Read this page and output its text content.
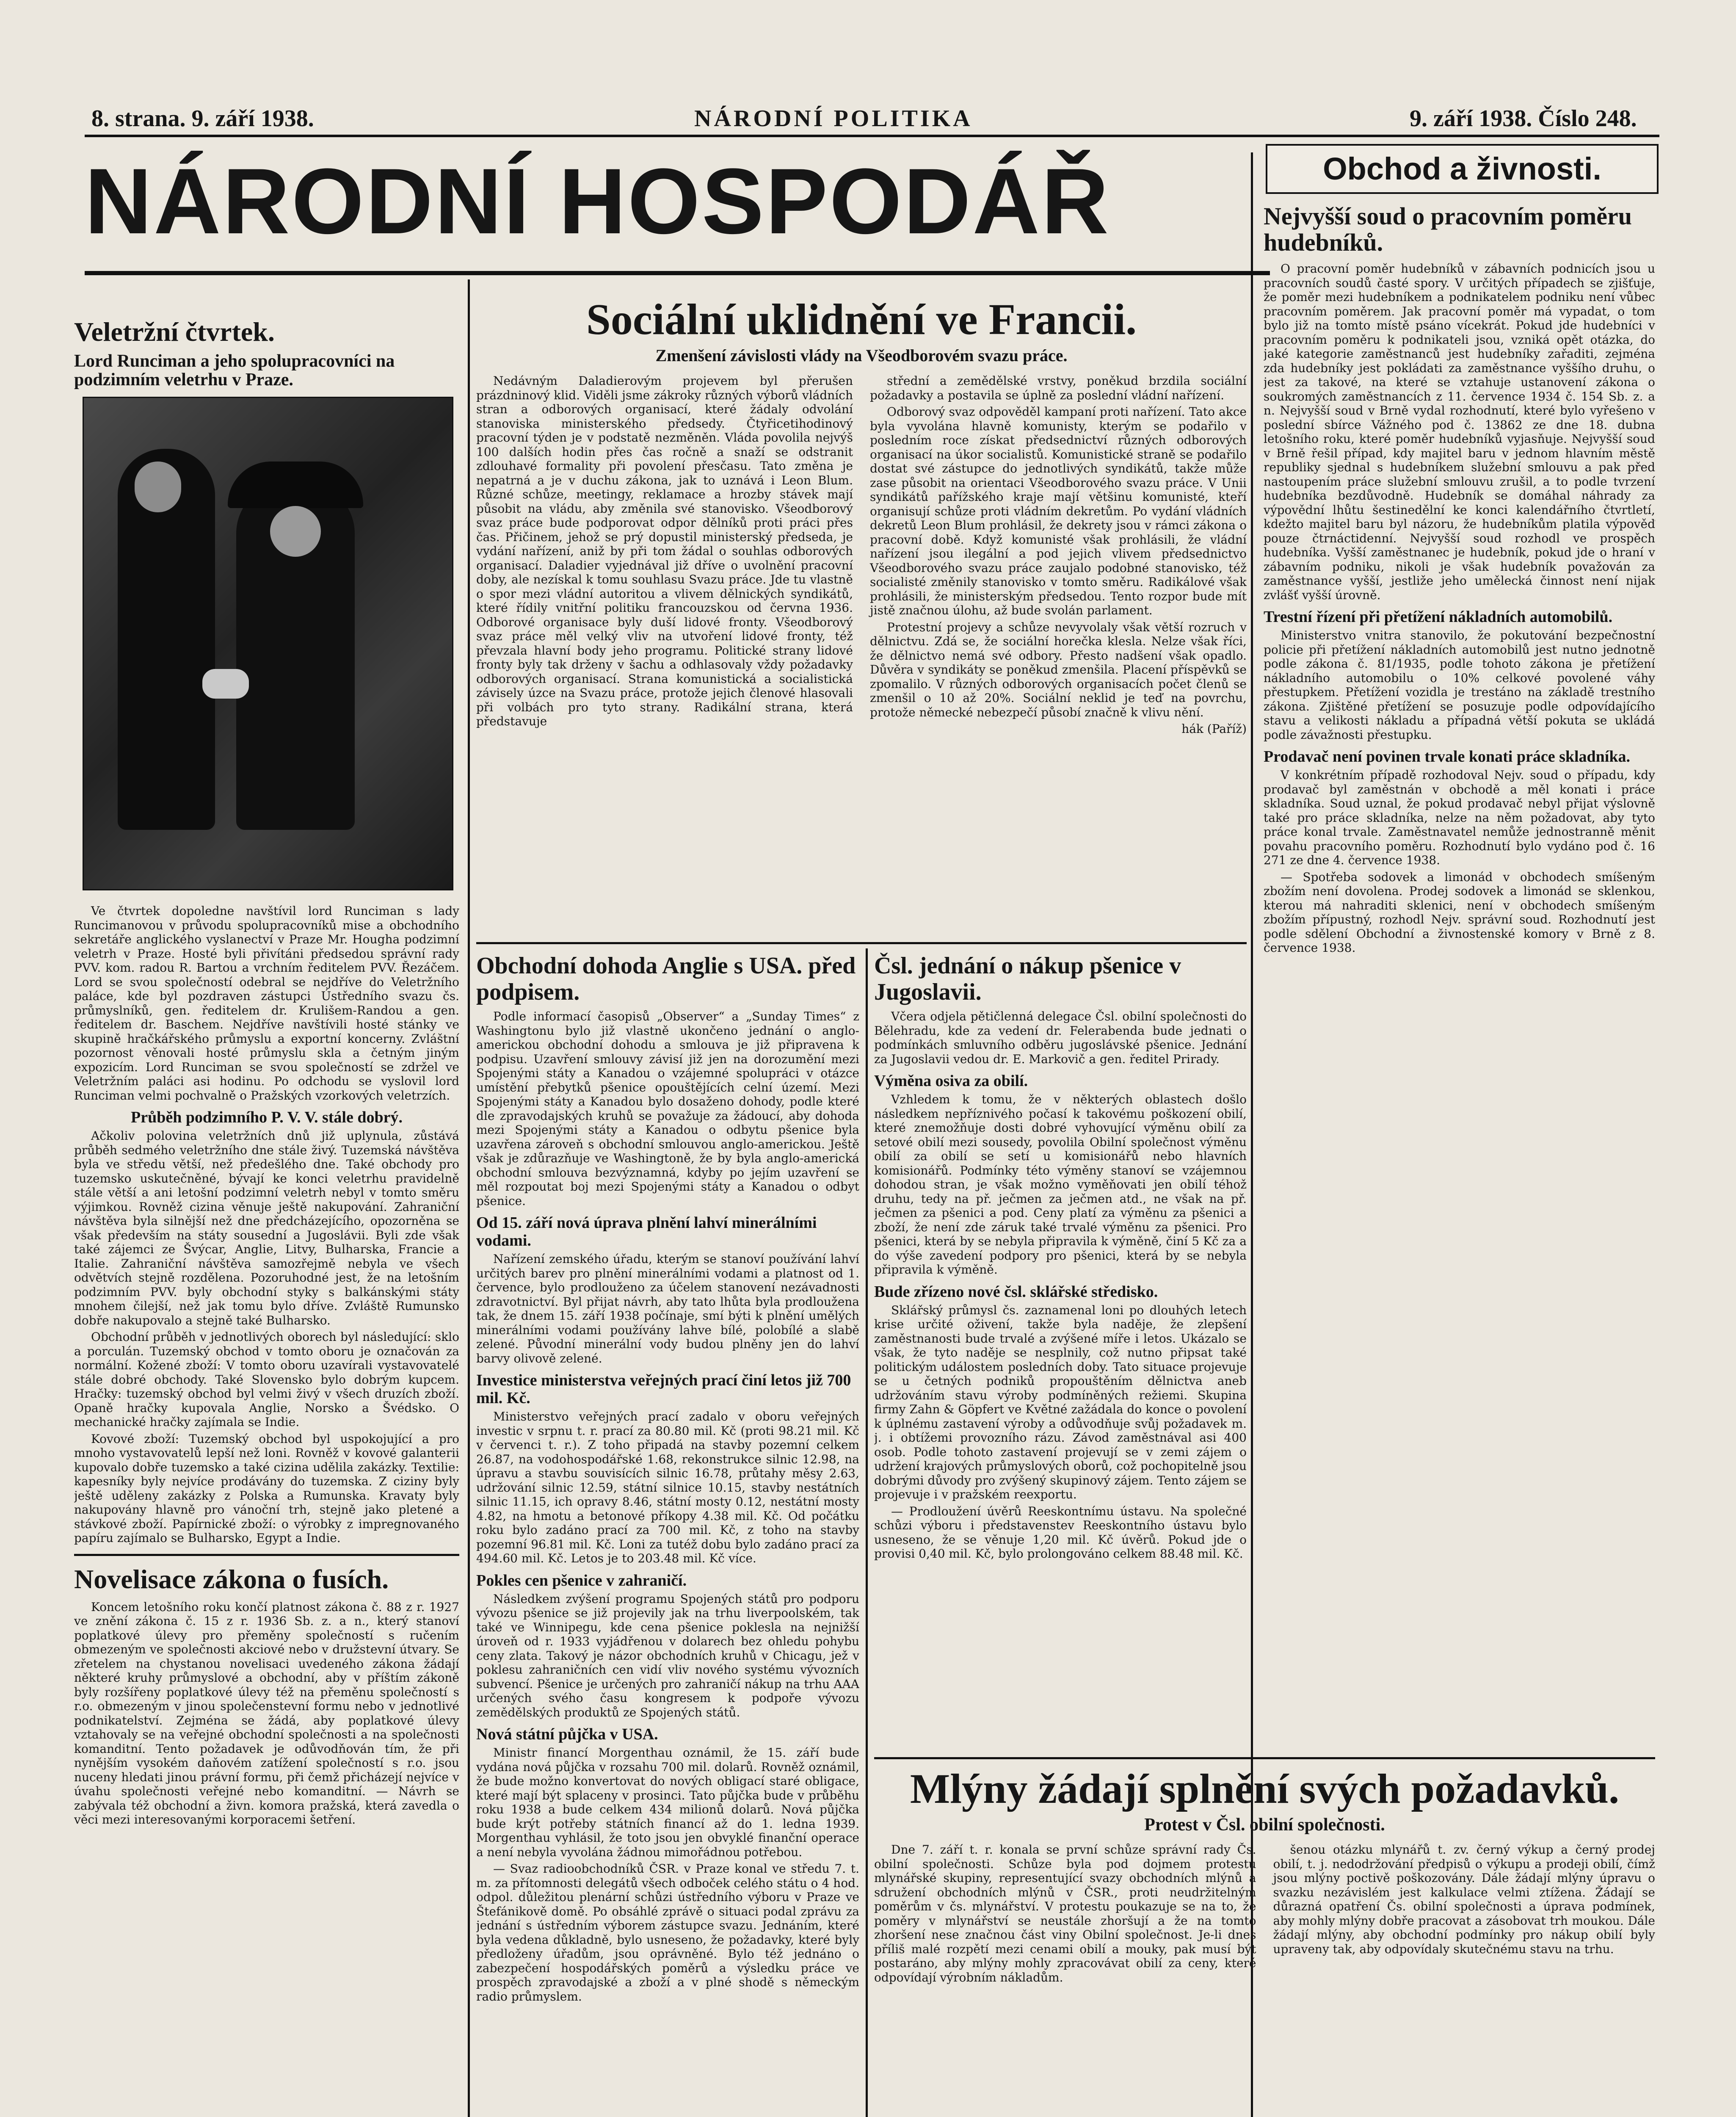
8. strana. 9. září 1938.	NÁRODNÍ POLITIKA	9. září 1938. Číslo 248.
NÁRODNÍ HOSPODÁŘ
Veletržní čtvrtek.
Lord Runciman a jeho spolupracovníci na podzimním veletrhu v Praze.

Ve čtvrtek dopoledne navštívil lord Runciman s lady Runcimanovou v průvodu spolupracovníků mise a obchodního sekretáře anglického vyslanectví v Praze Mr. Hougha podzimní veletrh v Praze. Hosté byli přivítáni předsedou správní rady PVV. kom. radou R. Bartou a vrchním ředitelem PVV. Řezáčem. Lord se svou společností odebral se nejdříve do Veletržního paláce, kde byl pozdraven zástupci Ústředního svazu čs. průmyslníků, gen. ředitelem dr. Krulišem-Randou a gen. ředitelem dr. Baschem. Nejdříve navštívili hosté stánky ve skupině hračkářského průmyslu a exportní koncerny. Zvláštní pozornost věnovali hosté průmyslu skla a četným jiným expozicím. Lord Runciman se svou společností se zdržel ve Veletržním paláci asi hodinu. Po odchodu se vyslovil lord Runciman velmi pochvalně o Pražských vzorkových veletrzích.

Průběh podzimního P. V. V. stále dobrý.

Ačkoliv polovina veletržních dnů již uplynula, zůstává průběh sedmého veletržního dne stále živý. Tuzemská návštěva byla ve středu větší, než předešlého dne. Také obchody pro tuzemsko uskutečněné, bývají ke konci veletrhu pravidelně stále větší a ani letošní podzimní veletrh nebyl v tomto směru výjimkou. Rovněž cizina věnuje ještě nakupování. Zahraniční návštěva byla silnější než dne předcházejícího, opozorněna se však především na státy sousední a Jugoslávii. Byli zde však také zájemci ze Švýcar, Anglie, Litvy, Bulharska, Francie a Italie. Zahraniční návštěva samozřejmě nebyla ve všech odvětvích stejně rozdělena. Pozoruhodné jest, že na letošním podzimním PVV. byly obchodní styky s balkánskými státy mnohem čilejší, než jak tomu bylo dříve. Zvláště Rumunsko dobře nakupovalo a stejně také Bulharsko.

Obchodní průběh v jednotlivých oborech byl následující: sklo a porculán. Tuzemský obchod v tomto oboru je označován za normální. Kožené zboží: V tomto oboru uzavírali vystavovatelé stále dobré obchody. Také Slovensko bylo dobrým kupcem. Hračky: tuzemský obchod byl velmi živý v všech druzích zboží. Opaně hračky kupovala Anglie, Norsko a Švédsko. O mechanické hračky zajímala se Indie.

Kovové zboží: Tuzemský obchod byl uspokojující a pro mnoho vystavovatelů lepší než loni. Rovněž v kovové galanterii kupovalo dobře tuzemsko a také cizina udělila zakázky. Textilie: kapesníky byly nejvíce prodávány do tuzemska. Z ciziny byly ještě uděleny zakázky z Polska a Rumunska. Kravaty byly nakupovány hlavně pro vánoční trh, stejně jako pletené a stávkové zboží. Papírnické zboží: o výrobky z impregnovaného papíru zajímalo se Bulharsko, Egypt a Indie.

Novelisace zákona o fusích.

Koncem letošního roku končí platnost zákona č. 88 z r. 1927 ve znění zákona č. 15 z r. 1936 Sb. z. a n., který stanoví poplatkové úlevy pro přeměny společností s ručením obmezeným ve společnosti akciové nebo v družstevní útvary. Se zřetelem na chystanou novelisaci uvedeného zákona žádají některé kruhy průmyslové a obchodní, aby v příštím zákoně byly rozšířeny poplatkové úlevy též na přeměnu společností s r.o. obmezeným v jinou společenstevní formu nebo v jednotlivé podnikatelství. Zejména se žádá, aby poplatkové úlevy vztahovaly se na veřejné obchodní společnosti a na společnosti komanditní. Tento požadavek je odůvodňován tím, že při nynějším vysokém daňovém zatížení společností s r.o. jsou nuceny hledati jinou právní formu, při čemž přicházejí nejvíce v úvahu společnosti veřejné nebo komanditní. — Návrh se zabývala též obchodní a živn. komora pražská, která zavedla o věci mezi interesovanými korporacemi šetření.

Sociální uklidnění ve Francii.
Zmenšení závislosti vlády na Všeodborovém svazu práce.

Nedávným Daladierovým projevem byl přerušen prázdninový klid. Viděli jsme zákroky různých výborů vládních stran a odborových organisací, které žádaly odvolání stanoviska ministerského předsedy. Čtyřicetihodinový pracovní týden je v podstatě nezměněn. Vláda povolila nejvýš 100 dalších hodin přes čas ročně a snaží se odstranit zdlouhavé formality při povolení přesčasu. Tato změna je nepatrná a je v duchu zákona, jak to uznává i Leon Blum. Různé schůze, meetingy, reklamace a hrozby stávek mají působit na vládu, aby změnila své stanovisko. Všeodborový svaz práce bude podporovat odpor dělníků proti práci přes čas. Přičinem, jehož se prý dopustil ministerský předseda, je vydání nařízení, aniž by při tom žádal o souhlas odborových organisací. Daladier vyjednával již dříve o uvolnění pracovní doby, ale nezískal k tomu souhlasu Svazu práce. Jde tu vlastně o spor mezi vládní autoritou a vlivem dělnických syndikátů, které řídily vnitřní politiku francouzskou od června 1936. Odborové organisace byly duší lidové fronty. Všeodborový svaz práce měl velký vliv na utvoření lidové fronty, též převzala hlavní body jeho programu. Politické strany lidové fronty byly tak drženy v šachu a odhlasovaly vždy požadavky odborových organisací. Strana komunistická a socialistická závisely úzce na Svazu práce, protože jejich členové hlasovali při volbách pro tyto strany. Radikální strana, která představuje

střední a zemědělské vrstvy, poněkud brzdila sociální požadavky a postavila se úplně za poslední vládní nařízení.

Odborový svaz odpověděl kampaní proti nařízení. Tato akce byla vyvolána hlavně komunisty, kterým se podařilo v posledním roce získat předsednictví různých odborových organisací na úkor socialistů. Komunistické straně se podařilo dostat své zástupce do jednotlivých syndikátů, takže může zase působit na orientaci Všeodborového svazu práce. V Unii syndikátů pařížského kraje mají většinu komunisté, kteří organisují schůze proti vládním dekretům. Po vydání vládních dekretů Leon Blum prohlásil, že dekrety jsou v rámci zákona o pracovní době. Když komunisté však prohlásili, že vládní nařízení jsou ilegální a pod jejich vlivem předsednictvo Všeodborového svazu práce zaujalo podobné stanovisko, též socialisté změnily stanovisko v tomto směru. Radikálové však prohlásili, že ministerským předsedou. Tento rozpor bude mít jistě značnou úlohu, až bude svolán parlament.

Protestní projevy a schůze nevyvolaly však větší rozruch v dělnictvu. Zdá se, že sociální horečka klesla. Nelze však říci, že dělnictvo nemá své odbory. Přesto nadšení však opadlo. Důvěra v syndikáty se poněkud zmenšila. Placení příspěvků se zpomalilo. V různých odborových organisacích počet členů se zmenšil o 10 až 20%. Sociální neklid je teď na povrchu, protože německé nebezpečí působí značně k vlivu nění.

hák (Paříž)

Obchodní dohoda Anglie s USA. před podpisem.

Podle informací časopisů „Observer“ a „Sunday Times“ z Washingtonu bylo již vlastně ukončeno jednání o anglo-americkou obchodní dohodu a smlouva je již připravena k podpisu. Uzavření smlouvy závisí již jen na dorozumění mezi Spojenými státy a Kanadou o vzájemné spolupráci v otázce umístění přebytků pšenice opouštějících celní území. Mezi Spojenými státy a Kanadou bylo dosaženo dohody, podle které dle zpravodajských kruhů se považuje za žádoucí, aby dohoda mezi Spojenými státy a Kanadou o odbytu pšenice byla uzavřena zároveň s obchodní smlouvou anglo-americkou. Ještě však je zdůrazňuje ve Washingtoně, že by byla anglo-americká obchodní smlouva bezvýznamná, kdyby po jejím uzavření se měl rozpoutat boj mezi Spojenými státy a Kanadou o odbyt pšenice.

Od 15. září nová úprava plnění lahví minerálními vodami.

Nařízení zemského úřadu, kterým se stanoví používání lahví určitých barev pro plnění minerálními vodami a platnost od 1. července, bylo prodlouženo za účelem stanovení nezávadnosti zdravotnictví. Byl přijat návrh, aby tato lhůta byla prodloužena tak, že dnem 15. září 1938 počínaje, smí býti k plnění umělých minerálními vodami používány lahve bílé, polobílé a slabě zelené. Původní minerální vody budou plněny jen do lahví barvy olivově zelené.

Investice ministerstva veřejných prací činí letos již 700 mil. Kč.

Ministerstvo veřejných prací zadalo v oboru veřejných investic v srpnu t. r. prací za 80.80 mil. Kč (proti 98.21 mil. Kč v červenci t. r.). Z toho připadá na stavby pozemní celkem 26.87, na vodohospodářské 1.68, rekonstrukce silnic 12.98, na úpravu a stavbu souvisících silnic 16.78, průtahy měsy 2.63, udržování silnic 12.59, státní silnice 10.15, stavby nestátních silnic 11.15, ich opravy 8.46, státní mosty 0.12, nestátní mosty 4.82, na hmotu a betonové příkopy 4.38 mil. Kč. Od počátku roku bylo zadáno prací za 700 mil. Kč, z toho na stavby pozemní 96.81 mil. Kč. Loni za tutéž dobu bylo zadáno prací za 494.60 mil. Kč. Letos je to 203.48 mil. Kč více.

Pokles cen pšenice v zahraničí.

Následkem zvýšení programu Spojených států pro podporu vývozu pšenice se již projevily jak na trhu liverpoolském, tak také ve Winnipegu, kde cena pšenice poklesla na nejnižší úroveň od r. 1933 vyjádřenou v dolarech bez ohledu pohybu ceny zlata. Takový je názor obchodních kruhů v Chicagu, jež v poklesu zahraničních cen vidí vliv nového systému vývozních subvencí. Pšenice je určených pro zahraničí nákup na trhu AAA určených svého času kongresem k podpoře vývozu zemědělských produktů ze Spojených států.

Nová státní půjčka v USA.

Ministr financí Morgenthau oznámil, že 15. září bude vydána nová půjčka v rozsahu 700 mil. dolarů. Rovněž oznámil, že bude možno konvertovat do nových obligací staré obligace, které mají být splaceny v prosinci. Tato půjčka bude v průběhu roku 1938 a bude celkem 434 milionů dolarů. Nová půjčka bude krýt potřeby státních financí až do 1. ledna 1939. Morgenthau vyhlásil, že toto jsou jen obvyklé finanční operace a není nebyla vyvolána žádnou mimořádnou potřebou.

— Svaz radioobchodníků ČSR. v Praze konal ve středu 7. t. m. za přítomnosti delegátů všech odboček celého státu o 4 hod. odpol. důležitou plenární schůzi ústředního výboru v Praze ve Štefánikově domě. Po obsáhlé zprávě o situaci podal zprávu za jednání s ústředním výborem zástupce svazu. Jednáním, které byla vedena důkladně, bylo usneseno, že požadavky, které byly předloženy úřadům, jsou oprávněné. Bylo též jednáno o zabezpečení hospodářských poměrů a výsledku práce ve prospěch zpravodajské a zboží a v plné shodě s německým radio průmyslem.

Čsl. jednání o nákup pšenice v Jugoslavii.

Včera odjela pětičlenná delegace Čsl. obilní společnosti do Bělehradu, kde za vedení dr. Felerabenda bude jednati o podmínkách smluvního odběru jugoslávské pšenice. Jednání za Jugoslavii vedou dr. E. Markovič a gen. ředitel Prirady.

Výměna osiva za obilí.

Vzhledem k tomu, že v některých oblastech došlo následkem nepříznivého počasí k takovému poškození obilí, které znemožňuje dosti dobré vyhovující výměnu obilí za setové obilí mezi sousedy, povolila Obilní společnost výměnu obilí za obilí se setí u komisionářů nebo hlavních komisionářů. Podmínky této výměny stanoví se vzájemnou dohodou stran, je však možno vyměňovati jen obilí téhož druhu, tedy na př. ječmen za ječmen atd., ne však na př. ječmen za pšenici a pod. Ceny platí za výměnu za pšenici a zboží, že není zde záruk také trvalé výměnu za pšenici. Pro pšenici, která by se nebyla připravila k výměně, činí 5 Kč za a do výše zavedení podpory pro pšenici, která by se nebyla připravila k výměně.

Bude zřízeno nové čsl. sklářské středisko.

Sklářský průmysl čs. zaznamenal loni po dlouhých letech krise určité oživení, takže byla naděje, že zlepšení zaměstnanosti bude trvalé a zvýšené míře i letos. Ukázalo se však, že tyto naděje se nesplnily, což nutno připsat také politickým událostem posledních doby. Tato situace projevuje se u četných podniků propouštěním dělnictva aneb udržováním stavu výroby podmíněných režiemi. Skupina firmy Zahn & Göpfert ve Květné zažádala do konce o povolení k úplnému zastavení výroby a odůvodňuje svůj požadavek m. j. i obtížemi provozního rázu. Závod zaměstnával asi 400 osob. Podle tohoto zastavení projevují se v zemi zájem o udržení krajových průmyslových oborů, což pochopitelně jsou dobrými důvody pro zvýšený skupinový zájem. Tento zájem se projevuje i v pražském reexportu.

— Prodloužení úvěrů Reeskontnímu ústavu. Na společné schůzi výboru i představenstev Reeskontního ústavu bylo usneseno, že se věnuje 1,20 mil. Kč úvěrů. Pokud jde o provisi 0,40 mil. Kč, bylo prolongováno celkem 88.48 mil. Kč.

Obchod a živnosti.
Nejvyšší soud o pracovním poměru hudebníků.

O pracovní poměr hudebníků v zábavních podnicích jsou u pracovních soudů časté spory. V určitých případech se zjišťuje, že poměr mezi hudebníkem a podnikatelem podniku není vůbec pracovním poměrem. Jak pracovní poměr má vypadat, o tom bylo již na tomto místě psáno vícekrát. Pokud jde hudebníci v pracovním poměru k podnikateli jsou, vzniká opět otázka, do jaké kategorie zaměstnanců jest hudebníky zařaditi, zejména zda hudebníky jest pokládati za zaměstnance vyššího druhu, o jest za takové, na které se vztahuje ustanovení zákona o soukromých zaměstnancích z 11. července 1934 č. 154 Sb. z. a n. Nejvyšší soud v Brně vydal rozhodnutí, které bylo vyřešeno v poslední sbírce Vážného pod č. 13862 ze dne 18. dubna letošního roku, které poměr hudebníků vyjasňuje. Nejvyšší soud v Brně řešil případ, kdy majitel baru v jednom hlavním městě republiky sjednal s hudebníkem služební smlouvu a pak před nastoupením práce služební smlouvu zrušil, a to podle tvrzení hudebníka bezdůvodně. Hudebník se domáhal náhrady za výpovědní lhůtu šestinedělní ke konci kalendářního čtvrtletí, kdežto majitel baru byl názoru, že hudebníkům platila výpověď pouze čtrnáctidenní. Nejvyšší soud rozhodl ve prospěch hudebníka. Vyšší zaměstnanec je hudebník, pokud jde o hraní v zábavním podniku, nikoli je však hudebník považován za zaměstnance vyšší, jestliže jeho umělecká činnost není nijak zvlášť vyšší úrovně.

Trestní řízení při přetížení nákladních automobilů.

Ministerstvo vnitra stanovilo, že pokutování bezpečnostní policie při přetížení nákladních automobilů jest nutno jednotně podle zákona č. 81/1935, podle tohoto zákona je přetížení nákladního automobilu o 10% celkové povolené váhy přestupkem. Přetížení vozidla je trestáno na základě trestního zákona. Zjištěné přetížení se posuzuje podle odpovídajícího stavu a velikosti nákladu a případná větší pokuta se ukládá podle závažnosti přestupku.

Prodavač není povinen trvale konati práce skladníka.

V konkrétním případě rozhodoval Nejv. soud o případu, kdy prodavač byl zaměstnán v obchodě a měl konati i práce skladníka. Soud uznal, že pokud prodavač nebyl přijat výslovně také pro práce skladníka, nelze na něm požadovat, aby tyto práce konal trvale. Zaměstnavatel nemůže jednostranně měnit povahu pracovního poměru. Rozhodnutí bylo vydáno pod č. 16 271 ze dne 4. července 1938.

— Spotřeba sodovek a limonád v obchodech smíšeným zbožím není dovolena. Prodej sodovek a limonád se sklenkou, kterou má nahraditi sklenici, není v obchodech smíšeným zbožím přípustný, rozhodl Nejv. správní soud. Rozhodnutí jest podle sdělení Obchodní a živnostenské komory v Brně z 8. července 1938.

Mlýny žádají splnění svých požadavků.
Protest v Čsl. obilní společnosti.

Dne 7. září t. r. konala se první schůze správní rady Čs. obilní společnosti. Schůze byla pod dojmem protestu mlynářské skupiny, representující svazy obchodních mlýnů a sdružení obchodních mlýnů v ČSR., proti neudržitelným poměrům v čs. mlynářství. V protestu poukazuje se na to, že poměry v mlynářství se neustále zhoršují a že na tomto zhoršení nese značnou část viny Obilní společnost. Je-li dnes příliš malé rozpětí mezi cenami obilí a mouky, pak musí být postaráno, aby mlýny mohly zpracovávat obilí za ceny, které odpovídají výrobním nákladům.

šenou otázku mlynářů t. zv. černý výkup a černý prodej obilí, t. j. nedodržování předpisů o výkupu a prodeji obilí, čímž jsou mlýny poctivě poškozovány. Dále žádají mlýny úpravu o svazku nezávislém jest kalkulace velmi ztížena. Žádají se důrazná opatření Čs. obilní společnosti a úprava podmínek, aby mohly mlýny dobře pracovat a zásobovat trh moukou. Dále žádají mlýny, aby obchodní podmínky pro nákup obilí byly upraveny tak, aby odpovídaly skutečnému stavu na trhu.
